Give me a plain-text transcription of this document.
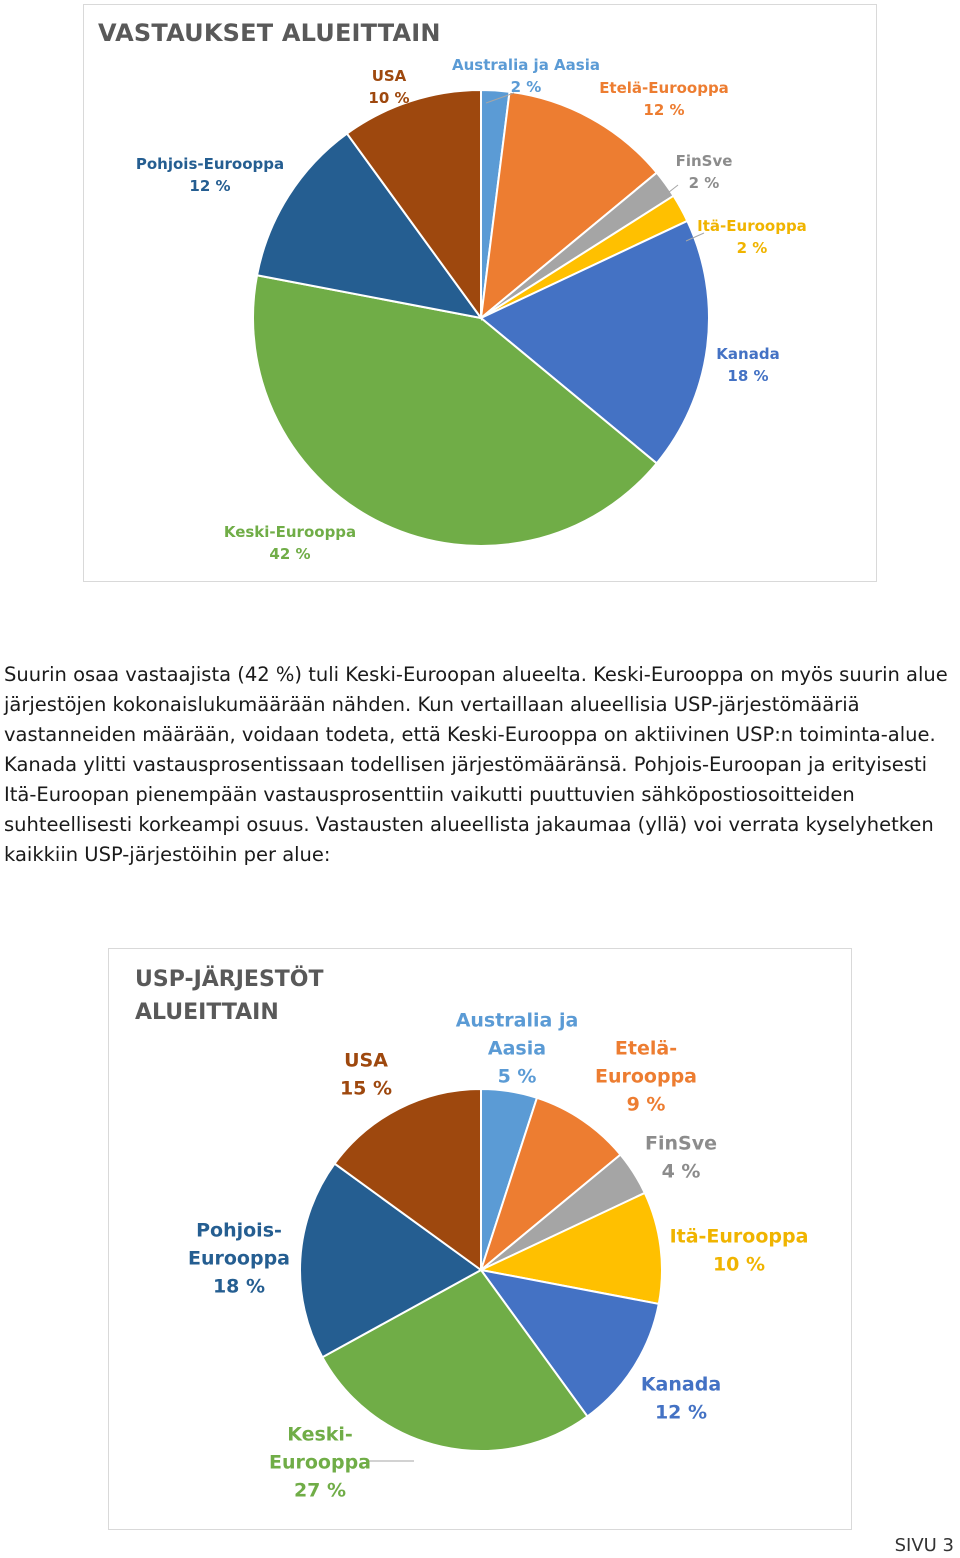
VASTAUKSET ALUEITTAIN
Australia ja Aasia 2 %	Etelä-Eurooppa 12 %
FinSve 2 %
Itä-Eurooppa 2 %
Kanada 18 %
Keski-Eurooppa 42 %
Pohjois-Eurooppa 12 %
USA 10 %

Suurin osaa vastaajista (42 %) tuli Keski-Euroopan alueelta. Keski-Eurooppa on myös suurin alue järjestöjen kokonaislukumäärään nähden. Kun vertaillaan alueellisia USP-järjestömääriä vastanneiden määrään, voidaan todeta, että Keski-Eurooppa on aktiivinen USP:n toiminta-alue. Kanada ylitti vastausprosentissaan todellisen järjestömääränsä. Pohjois-Euroopan ja erityisesti Itä-Euroopan pienempään vastausprosenttiin vaikutti puuttuvien sähköpostiosoitteiden suhteellisesti korkeampi osuus. Vastausten alueellista jakaumaa (yllä) voi verrata kyselyhetken kaikkiin USP-järjestöihin per alue:

USP-JÄRJESTÖT ALUEITTAIN	Australia ja Aasia 5 %
Etelä-Eurooppa 9 %
FinSve 4 %
Itä-Eurooppa 10 %
Kanada 12 %
Keski-Eurooppa 27 %
Pohjois-Eurooppa 18 %
USA 15 %
SIVU 3
